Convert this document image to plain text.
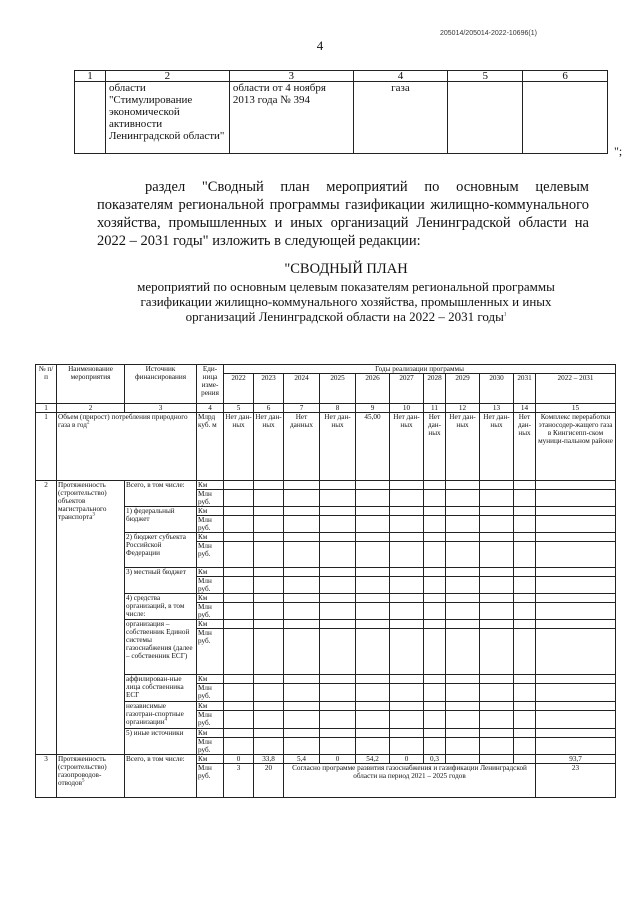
205014/205014-2022-10696(1)
4
1	2	3	4	5	6
	области "Стимулирование экономической активности Ленинградской области"	области от 4 ноября 2013 года № 394	газа		
";

раздел "Сводный план мероприятий по основным целевым показателям региональной программы газификации жилищно-коммунального хозяйства, промышленных и иных организаций Ленинградской области на 2022 – 2031 годы" изложить в следующей редакции:

"СВОДНЫЙ ПЛАН
мероприятий по основным целевым показателям региональной программы газификации жилищно-коммунального хозяйства, промышленных и иных организаций Ленинградской области на 2022 – 2031 годы$^1$
№ п/п	Наименование мероприятия	Источник финансирования	Еди-ница изме-рения	Годы реализации программы										
				2022	2023	2024	2025	2026	2027	2028	2029	2030	2031	2022 – 2031
1	2	3	4	5	6	7	8	9	10	11	12	13	14	15
1	Объем (прирост) потребления природного газа в год$^2$		Млрд куб. м	Нет дан-ных	Нет дан-ных	Нет данных	Нет дан-ных	45,00	Нет дан-ных	Нет дан-ных	Нет дан-ных	Нет дан-ных	Нет дан-ных	Комплекс переработки этаносодер-жащего газа в Кингисепп-ском муници-пальном районе
2	Протяженность (строительство) объектов магистрального транспорта$^3$	Всего, в том числе:	Км											
			Млн руб.											
		1) федеральный бюджет	Км											
			Млн руб.											
		2) бюджет субъекта Российской Федерации	Км											
			Млн руб.											
		3) местный бюджет	Км											
			Млн руб.											
		4) средства организаций, в том числе:	Км											
			Млн руб.											
		организация – собственник Единой системы газоснабжения (далее – собственник ЕСГ)	Км											
			Млн руб.											
		аффилирован-ные лица собственника ЕСГ	Км											
			Млн руб.											
		независимые газотран-спортные организации$^4$	Км											
			Млн руб.											
		5) иные источники	Км											
			Млн руб.											
3	Протяженность (строительство) газопроводов-отводов$^5$	Всего, в том числе:	Км	0	33,8	5,4	0	54,2	0	0,3				93,7
			Млн руб.	3	20	Согласно программе развития газоснабжения и газификации Ленинградской области на период 2021 – 2025 годов								23
